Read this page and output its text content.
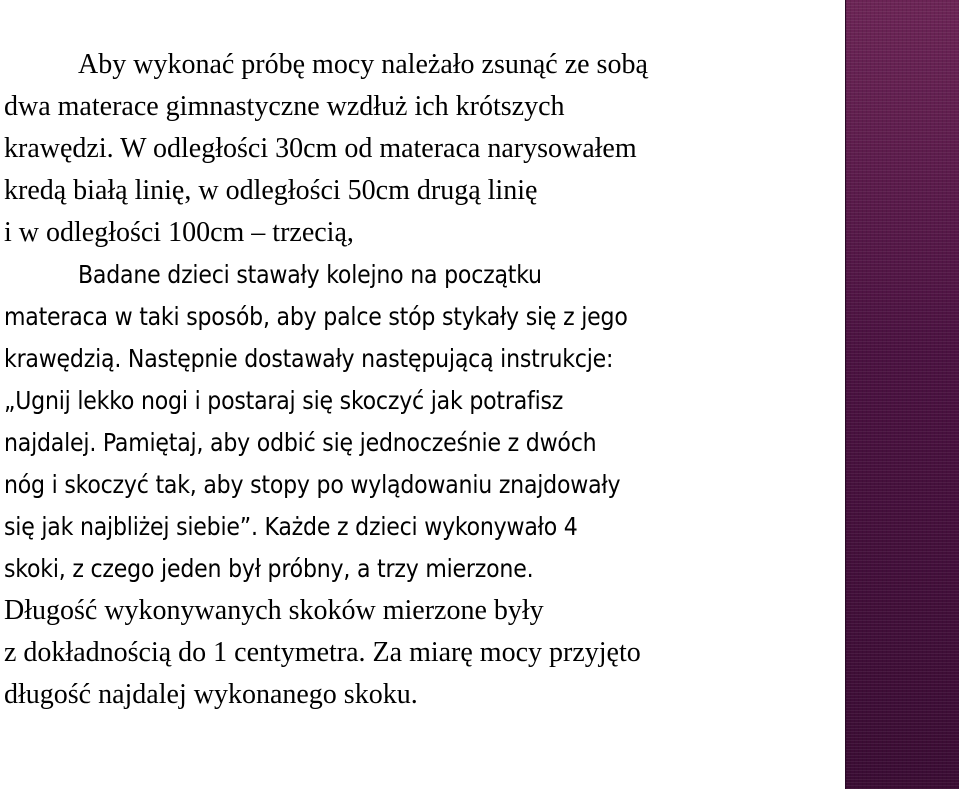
Aby wykonać próbę mocy należało zsunąć ze sobą
dwa materace gimnastyczne wzdłuż ich krótszych
krawędzi. W odległości 30cm od materaca narysowałem
kredą białą linię, w odległości 50cm drugą linię
i w odległości 100cm – trzecią,
Badane dzieci stawały kolejno na początku
materaca w taki sposób, aby palce stóp stykały się z jego
krawędzią. Następnie dostawały następującą instrukcje:
„Ugnij lekko nogi i postaraj się skoczyć jak potrafisz
najdalej. Pamiętaj, aby odbić się jednocześnie z dwóch
nóg i skoczyć tak, aby stopy po wylądowaniu znajdowały
się jak najbliżej siebie”. Każde z dzieci wykonywało 4
skoki, z czego jeden był próbny, a trzy mierzone.
Długość wykonywanych skoków mierzone były
z dokładnością do 1 centymetra. Za miarę mocy przyjęto
długość najdalej wykonanego skoku.
